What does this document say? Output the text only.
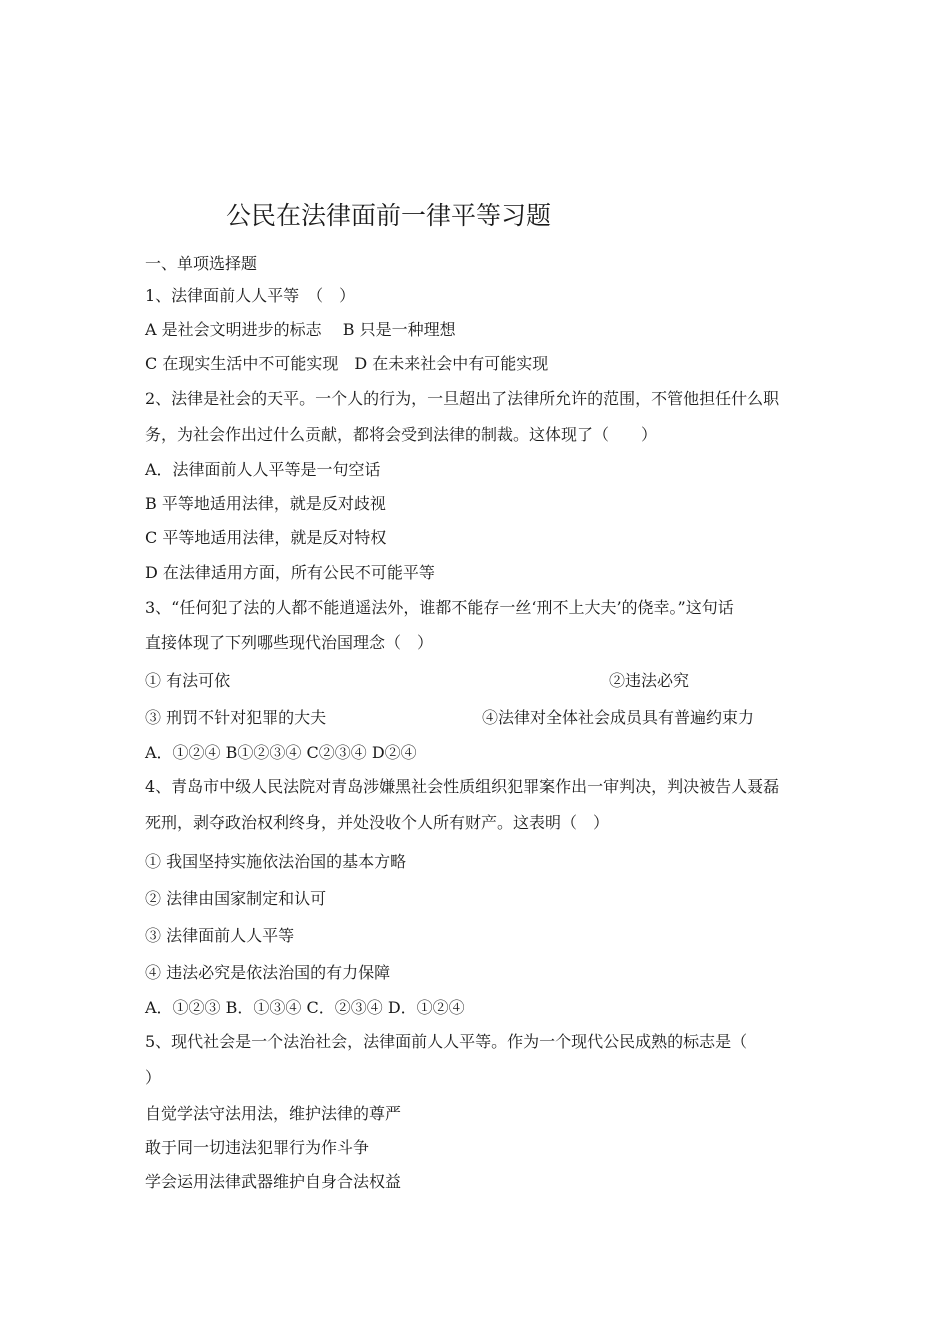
公民在法律面前一律平等习题
一、单项选择题
1、法律面前人人平等　（　）
A 是社会文明进步的标志　 B 只是一种理想
C 在现实生活中不可能实现　D 在未来社会中有可能实现
2、法律是社会的天平。一个人的行为，一旦超出了法律所允许的范围，不管他担任什么职
务，为社会作出过什么贡献，都将会受到法律的制裁。这体现了（　　）
A．法律面前人人平等是一句空话
B 平等地适用法律，就是反对歧视
C 平等地适用法律，就是反对特权
D 在法律适用方面，所有公民不可能平等
3、“任何犯了法的人都不能逍遥法外，谁都不能存一丝‘刑不上大夫’的侥幸。”这句话
直接体现了下列哪些现代治国理念（　）
① 有法可依	②违法必究
③ 刑罚不针对犯罪的大夫	④法律对全体社会成员具有普遍约束力
A．①②④ B①②③④ C②③④ D②④
4、青岛市中级人民法院对青岛涉嫌黑社会性质组织犯罪案作出一审判决，判决被告人聂磊
死刑，剥夺政治权利终身，并处没收个人所有财产。这表明（　）
① 我国坚持实施依法治国的基本方略
② 法律由国家制定和认可
③ 法律面前人人平等
④ 违法必究是依法治国的有力保障
A．①②③ B．①③④ C．②③④ D．①②④
5、现代社会是一个法治社会，法律面前人人平等。作为一个现代公民成熟的标志是（
）
自觉学法守法用法，维护法律的尊严
敢于同一切违法犯罪行为作斗争
学会运用法律武器维护自身合法权益
